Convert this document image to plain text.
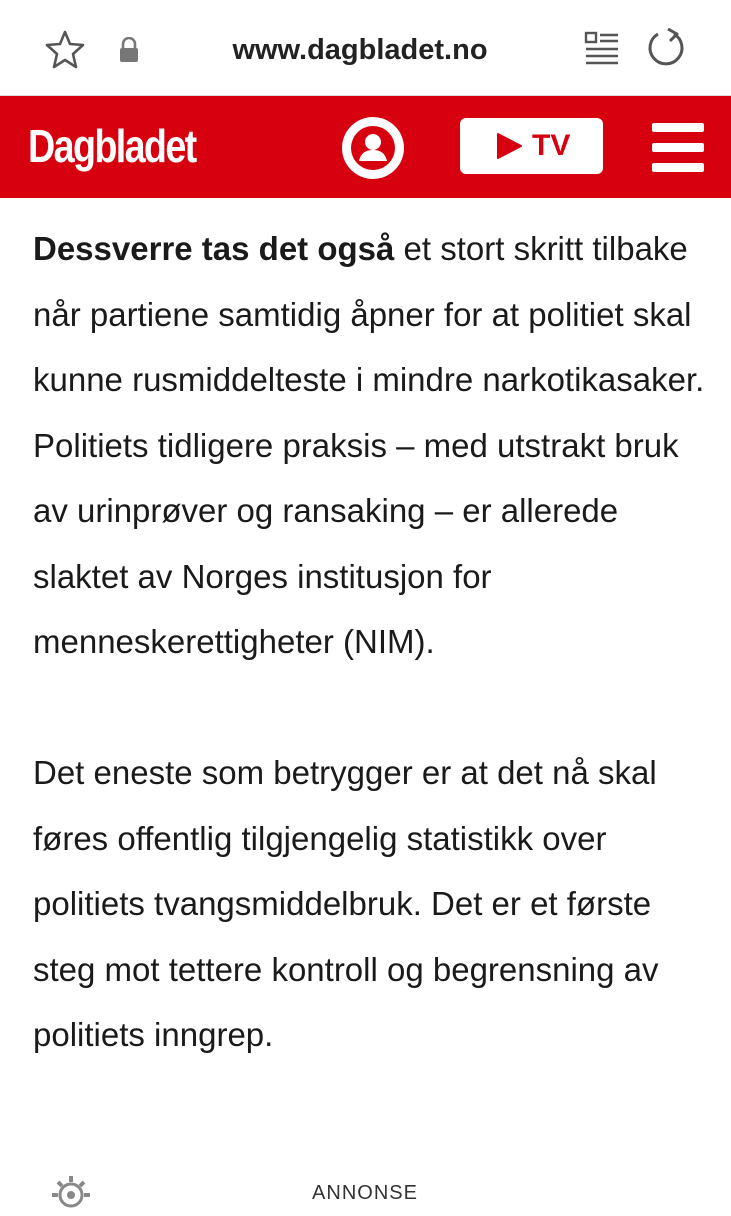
www.dagbladet.no
Dagbladet	TV

Dessverre tas det også et stort skritt tilbake når partiene samtidig åpner for at politiet skal kunne rusmiddelteste i mindre narkotikasaker. Politiets tidligere praksis – med utstrakt bruk av urinprøver og ransaking – er allerede slaktet av Norges institusjon for menneskerettigheter (NIM).

Det eneste som betrygger er at det nå skal føres offentlig tilgjengelig statistikk over politiets tvangsmiddelbruk. Det er et første steg mot tettere kontroll og begrensning av politiets inngrep.

ANNONSE
